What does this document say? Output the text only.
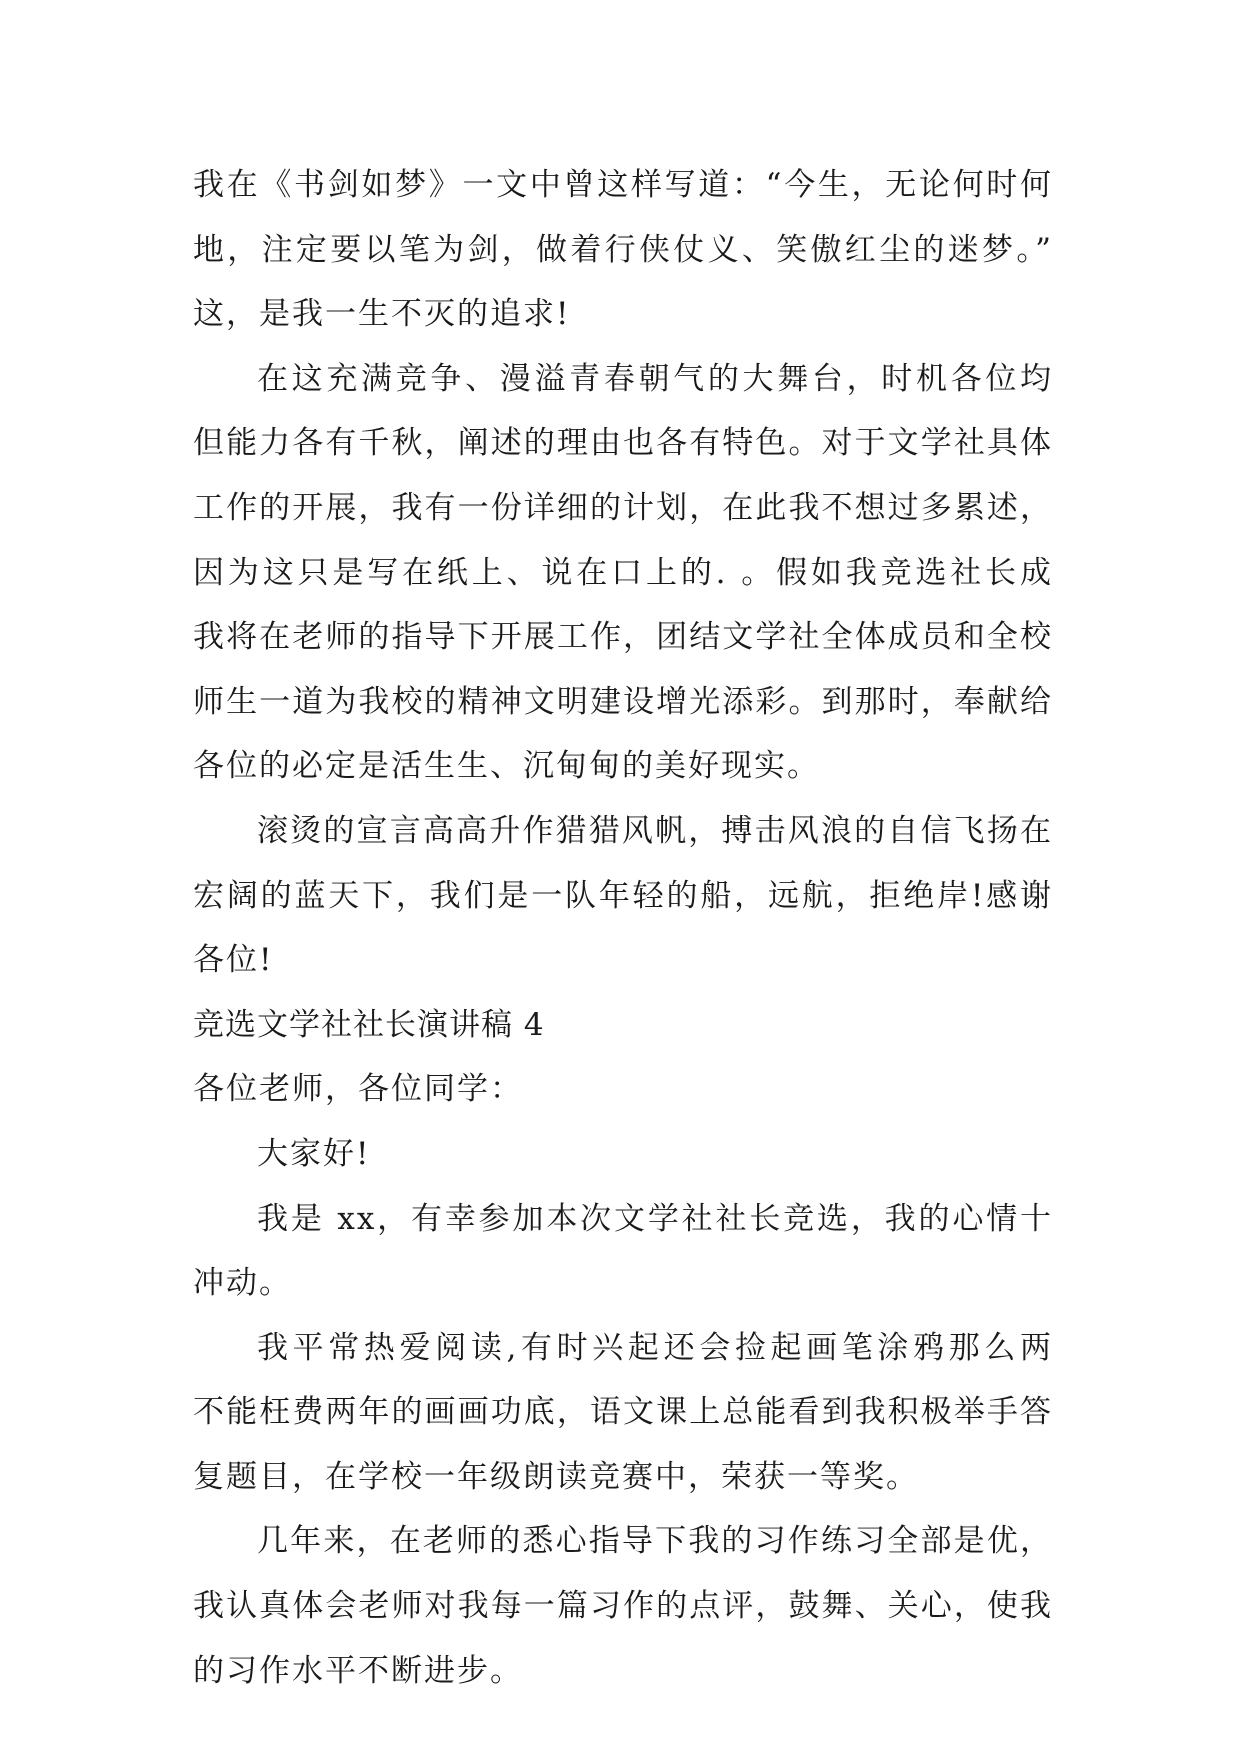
我在《书剑如梦》一文中曾这样写道：“今生，无论何时何
地，注定要以笔为剑，做着行侠仗义、笑傲红尘的迷梦。”
这，是我一生不灭的追求!
在这充满竞争、漫溢青春朝气的大舞台，时机各位均
但能力各有千秋，阐述的理由也各有特色。对于文学社具体
工作的开展，我有一份详细的计划，在此我不想过多累述，
因为这只是写在纸上、说在口上的. 。假如我竞选社长成
我将在老师的指导下开展工作，团结文学社全体成员和全校
师生一道为我校的精神文明建设增光添彩。到那时，奉献给
各位的必定是活生生、沉甸甸的美好现实。
滚烫的宣言高高升作猎猎风帆，搏击风浪的自信飞扬在
宏阔的蓝天下，我们是一队年轻的船，远航，拒绝岸!感谢
各位!
竞选文学社社长演讲稿 4
各位老师，各位同学：
大家好!
我是 xx，有幸参加本次文学社社长竞选，我的心情十
冲动。
我平常热爱阅读,有时兴起还会捡起画笔涂鸦那么两
不能枉费两年的画画功底，语文课上总能看到我积极举手答
复题目，在学校一年级朗读竞赛中，荣获一等奖。
几年来，在老师的悉心指导下我的习作练习全部是优，
我认真体会老师对我每一篇习作的点评，鼓舞、关心，使我
的习作水平不断进步。
